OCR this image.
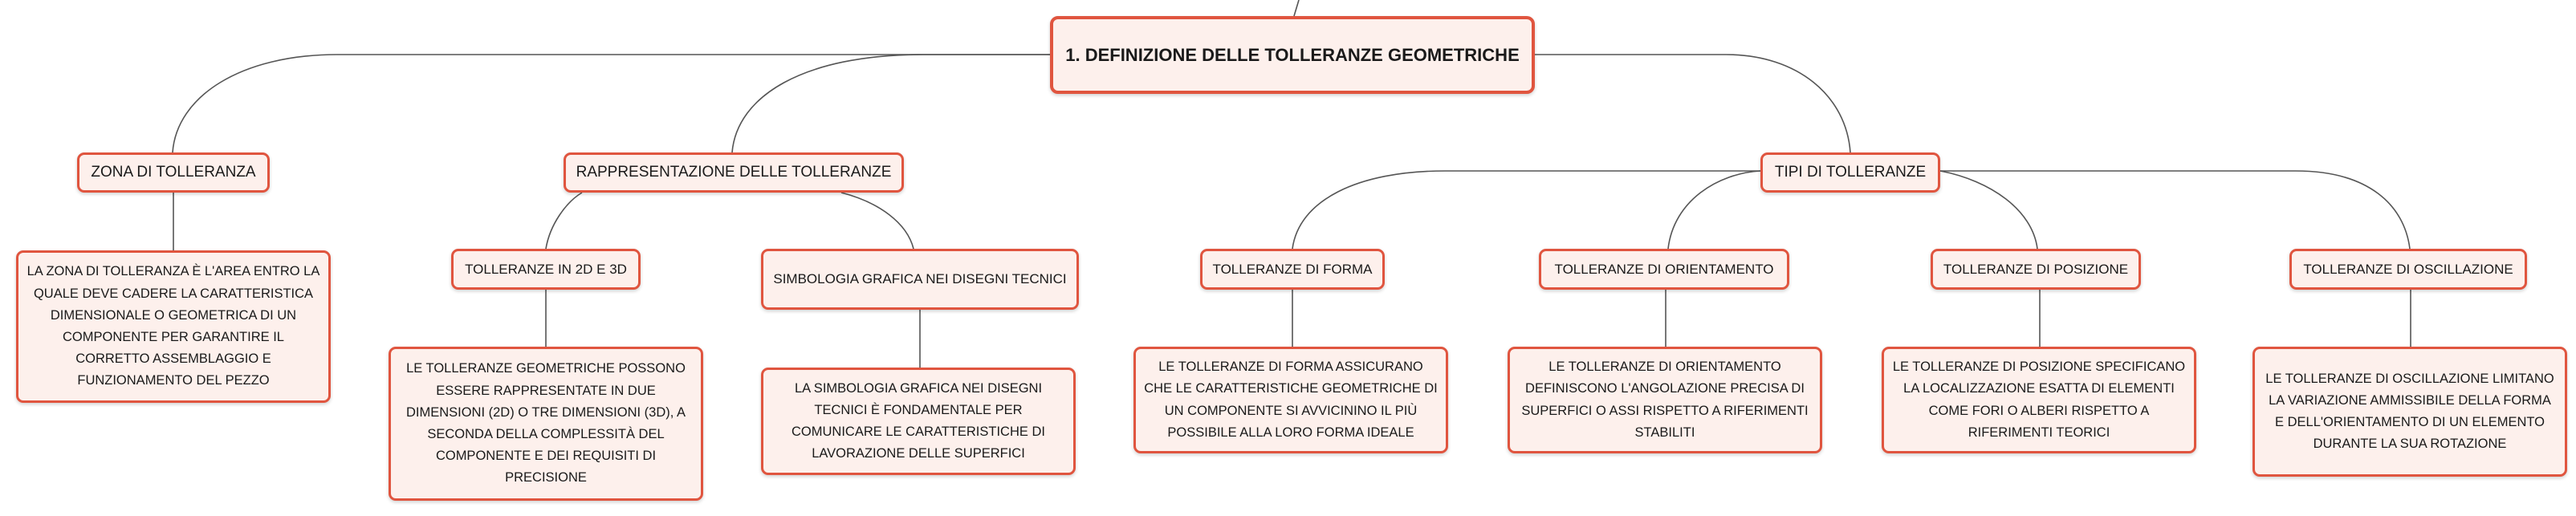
1. DEFINIZIONE DELLE TOLLERANZE GEOMETRICHE
ZONA DI TOLLERANZA	RAPPRESENTAZIONE DELLE TOLLERANZE	TIPI DI TOLLERANZE
LA ZONA DI TOLLERANZA È L'AREA ENTRO LA QUALE DEVE CADERE LA CARATTERISTICA DIMENSIONALE O GEOMETRICA DI UN COMPONENTE PER GARANTIRE IL CORRETTO ASSEMBLAGGIO E FUNZIONAMENTO DEL PEZZO
TOLLERANZE IN 2D E 3D
SIMBOLOGIA GRAFICA NEI DISEGNI TECNICI
LE TOLLERANZE GEOMETRICHE POSSONO ESSERE RAPPRESENTATE IN DUE DIMENSIONI (2D) O TRE DIMENSIONI (3D), A SECONDA DELLA COMPLESSITÀ DEL COMPONENTE E DEI REQUISITI DI PRECISIONE
LA SIMBOLOGIA GRAFICA NEI DISEGNI TECNICI È FONDAMENTALE PER COMUNICARE LE CARATTERISTICHE DI LAVORAZIONE DELLE SUPERFICI
TOLLERANZE DI FORMA	TOLLERANZE DI ORIENTAMENTO	TOLLERANZE DI POSIZIONE	TOLLERANZE DI OSCILLAZIONE
LE TOLLERANZE DI FORMA ASSICURANO CHE LE CARATTERISTICHE GEOMETRICHE DI UN COMPONENTE SI AVVICININO IL PIÙ POSSIBILE ALLA LORO FORMA IDEALE
LE TOLLERANZE DI ORIENTAMENTO DEFINISCONO L'ANGOLAZIONE PRECISA DI SUPERFICI O ASSI RISPETTO A RIFERIMENTI STABILITI
LE TOLLERANZE DI POSIZIONE SPECIFICANO LA LOCALIZZAZIONE ESATTA DI ELEMENTI COME FORI O ALBERI RISPETTO A RIFERIMENTI TEORICI
LE TOLLERANZE DI OSCILLAZIONE LIMITANO LA VARIAZIONE AMMISSIBILE DELLA FORMA E DELL'ORIENTAMENTO DI UN ELEMENTO DURANTE LA SUA ROTAZIONE
